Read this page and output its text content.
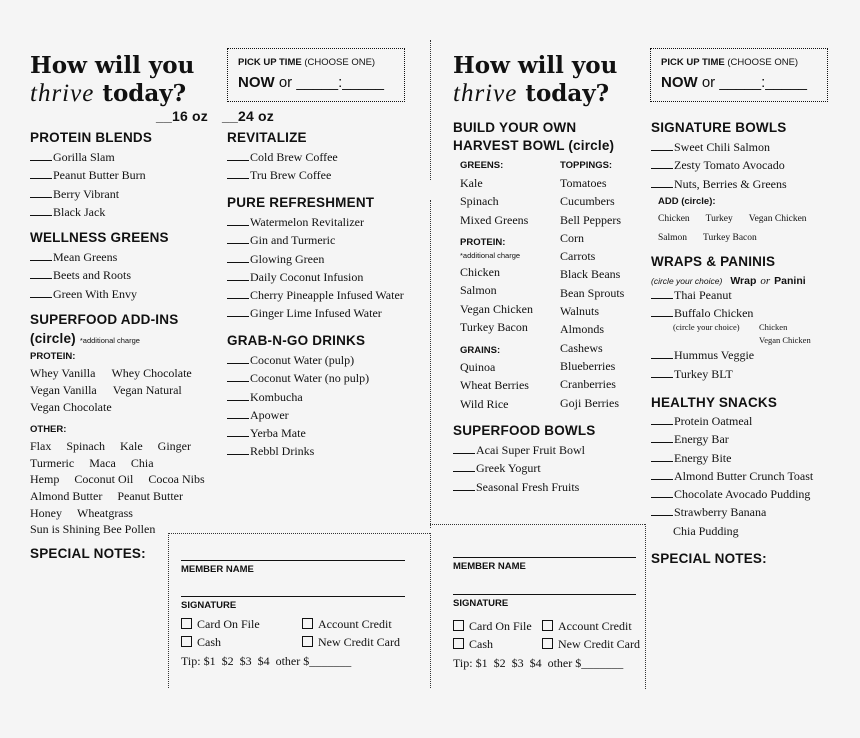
How will you
thrive today?
PICK UP TIME (CHOOSE ONE)
NOW or _____:_____
__16 oz __24 oz
PROTEIN BLENDS
Gorilla Slam
Peanut Butter Burn
Berry Vibrant
Black Jack
WELLNESS GREENS
Mean Greens
Beets and Roots
Green With Envy
SUPERFOOD ADD-INS
(circle) *additional charge
PROTEIN:
Whey Vanilla Whey Chocolate
Vegan Vanilla Vegan Natural
Vegan Chocolate
OTHER:
Flax Spinach Kale Ginger
Turmeric Maca Chia
Hemp Coconut Oil Cocoa Nibs
Almond Butter Peanut Butter
Honey Wheatgrass
Sun is Shining Bee Pollen
REVITALIZE
Cold Brew Coffee
Tru Brew Coffee
PURE REFRESHMENT
Watermelon Revitalizer
Gin and Turmeric
Glowing Green
Daily Coconut Infusion
Cherry Pineapple Infused Water
Ginger Lime Infused Water
GRAB-N-GO DRINKS
Coconut Water (pulp)
Coconut Water (no pulp)
Kombucha
Apower
Yerba Mate
Rebbl Drinks
SPECIAL NOTES:
MEMBER NAME
SIGNATURE
Card On File	Account Credit
Cash	New Credit Card
Tip: $1  $2  $3  $4  other $_______
How will you
thrive today?
PICK UP TIME (CHOOSE ONE)
NOW or _____:_____
BUILD YOUR OWN
HARVEST BOWL (circle)
GREENS:
Kale
Spinach
Mixed Greens
PROTEIN:
*additional charge
Chicken
Salmon
Vegan Chicken
Turkey Bacon
GRAINS:
Quinoa
Wheat Berries
Wild Rice
TOPPINGS:
Tomatoes
Cucumbers
Bell Peppers
Corn
Carrots
Black Beans
Bean Sprouts
Walnuts
Almonds
Cashews
Blueberries
Cranberries
Goji Berries
SUPERFOOD BOWLS
Acai Super Fruit Bowl
Greek Yogurt
Seasonal Fresh Fruits
SIGNATURE BOWLS
Sweet Chili Salmon
Zesty Tomato Avocado
Nuts, Berries & Greens
ADD (circle):
Chicken Turkey Vegan Chicken
Salmon Turkey Bacon
WRAPS & PANINIS
(circle your choice) Wrap or Panini
Thai Peanut
Buffalo Chicken
(circle your choice) Chicken
Vegan Chicken
Hummus Veggie
Turkey BLT
HEALTHY SNACKS
Protein Oatmeal
Energy Bar
Energy Bite
Almond Butter Crunch Toast
Chocolate Avocado Pudding
Strawberry Banana
Chia Pudding
SPECIAL NOTES:
MEMBER NAME
SIGNATURE
Card On File	Account Credit
Cash	New Credit Card
Tip: $1  $2  $3  $4  other $_______
